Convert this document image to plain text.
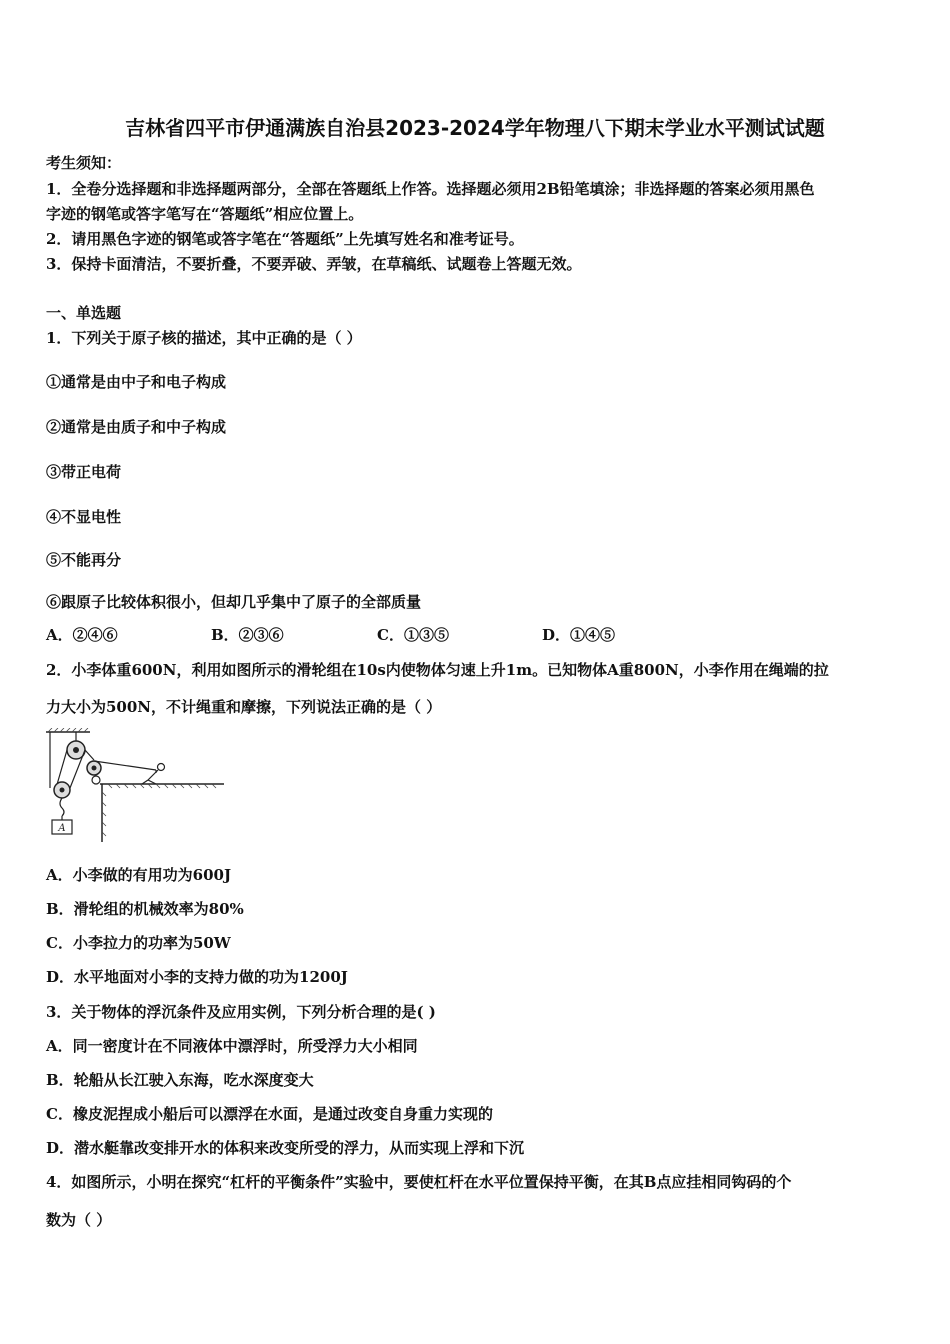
吉林省四平市伊通满族自治县2023-2024学年物理八下期末学业水平测试试题
考生须知：
1．全卷分选择题和非选择题两部分，全部在答题纸上作答。选择题必须用2B铅笔填涂；非选择题的答案必须用黑色
字迹的钢笔或答字笔写在“答题纸”相应位置上。
2．请用黑色字迹的钢笔或答字笔在“答题纸”上先填写姓名和准考证号。
3．保持卡面清洁，不要折叠，不要弄破、弄皱，在草稿纸、试题卷上答题无效。
一、单选题
1．下列关于原子核的描述，其中正确的是（ ）
①通常是由中子和电子构成
②通常是由质子和中子构成
③带正电荷
④不显电性
⑤不能再分
⑥跟原子比较体积很小，但却几乎集中了原子的全部质量
A．②④⑥	B．②③⑥	C．①③⑤	D．①④⑤
2．小李体重600N，利用如图所示的滑轮组在10s内使物体匀速上升1m。已知物体A重800N，小李作用在绳端的拉
力大小为500N，不计绳重和摩擦，下列说法正确的是（ ）
A
A．小李做的有用功为600J
B．滑轮组的机械效率为80%
C．小李拉力的功率为50W
D．水平地面对小李的支持力做的功为1200J
3．关于物体的浮沉条件及应用实例，下列分析合理的是( )
A．同一密度计在不同液体中漂浮时，所受浮力大小相同
B．轮船从长江驶入东海，吃水深度变大
C．橡皮泥捏成小船后可以漂浮在水面，是通过改变自身重力实现的
D．潜水艇靠改变排开水的体积来改变所受的浮力，从而实现上浮和下沉
4．如图所示，小明在探究“杠杆的平衡条件”实验中，要使杠杆在水平位置保持平衡，在其B点应挂相同钩码的个
数为（ ）
